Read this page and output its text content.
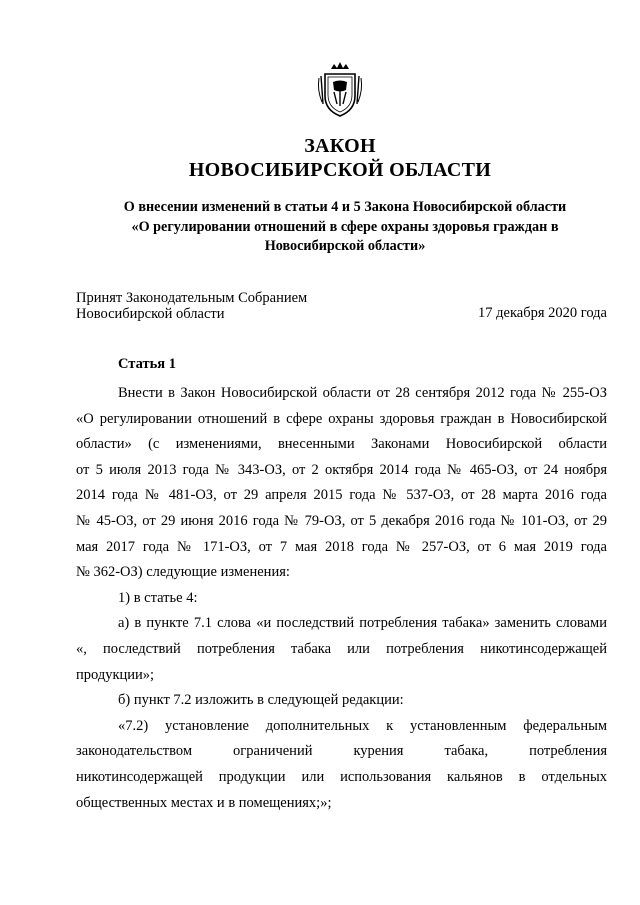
ЗАКОН
НОВОСИБИРСКОЙ ОБЛАСТИ
О внесении изменений в статьи 4 и 5 Закона Новосибирской области
«О регулировании отношений в сфере охраны здоровья граждан в
Новосибирской области»
Принят Законодательным Собранием
Новосибирской области	17 декабря 2020 года
Статья 1

Внести в Закон Новосибирской области от 28 сентября 2012 года № 255-ОЗ

«О регулировании отношений в сфере охраны здоровья граждан в Новосибирской

области» (с изменениями, внесенными Законами Новосибирской области

от 5 июля 2013 года № 343-ОЗ, от 2 октября 2014 года № 465-ОЗ, от 24 ноября

2014 года № 481-ОЗ, от 29 апреля 2015 года № 537-ОЗ, от 28 марта 2016 года

№ 45-ОЗ, от 29 июня 2016 года № 79-ОЗ, от 5 декабря 2016 года № 101-ОЗ, от 29

мая 2017 года № 171-ОЗ, от 7 мая 2018 года № 257-ОЗ, от 6 мая 2019 года

№ 362-ОЗ) следующие изменения:

1) в статье 4:

а) в пункте 7.1 слова «и последствий потребления табака» заменить словами

«, последствий потребления табака или потребления никотинсодержащей

продукции»;

б) пункт 7.2 изложить в следующей редакции:

«7.2) установление дополнительных к установленным федеральным

законодательством ограничений курения табака, потребления

никотинсодержащей продукции или использования кальянов в отдельных

общественных местах и в помещениях;»;
